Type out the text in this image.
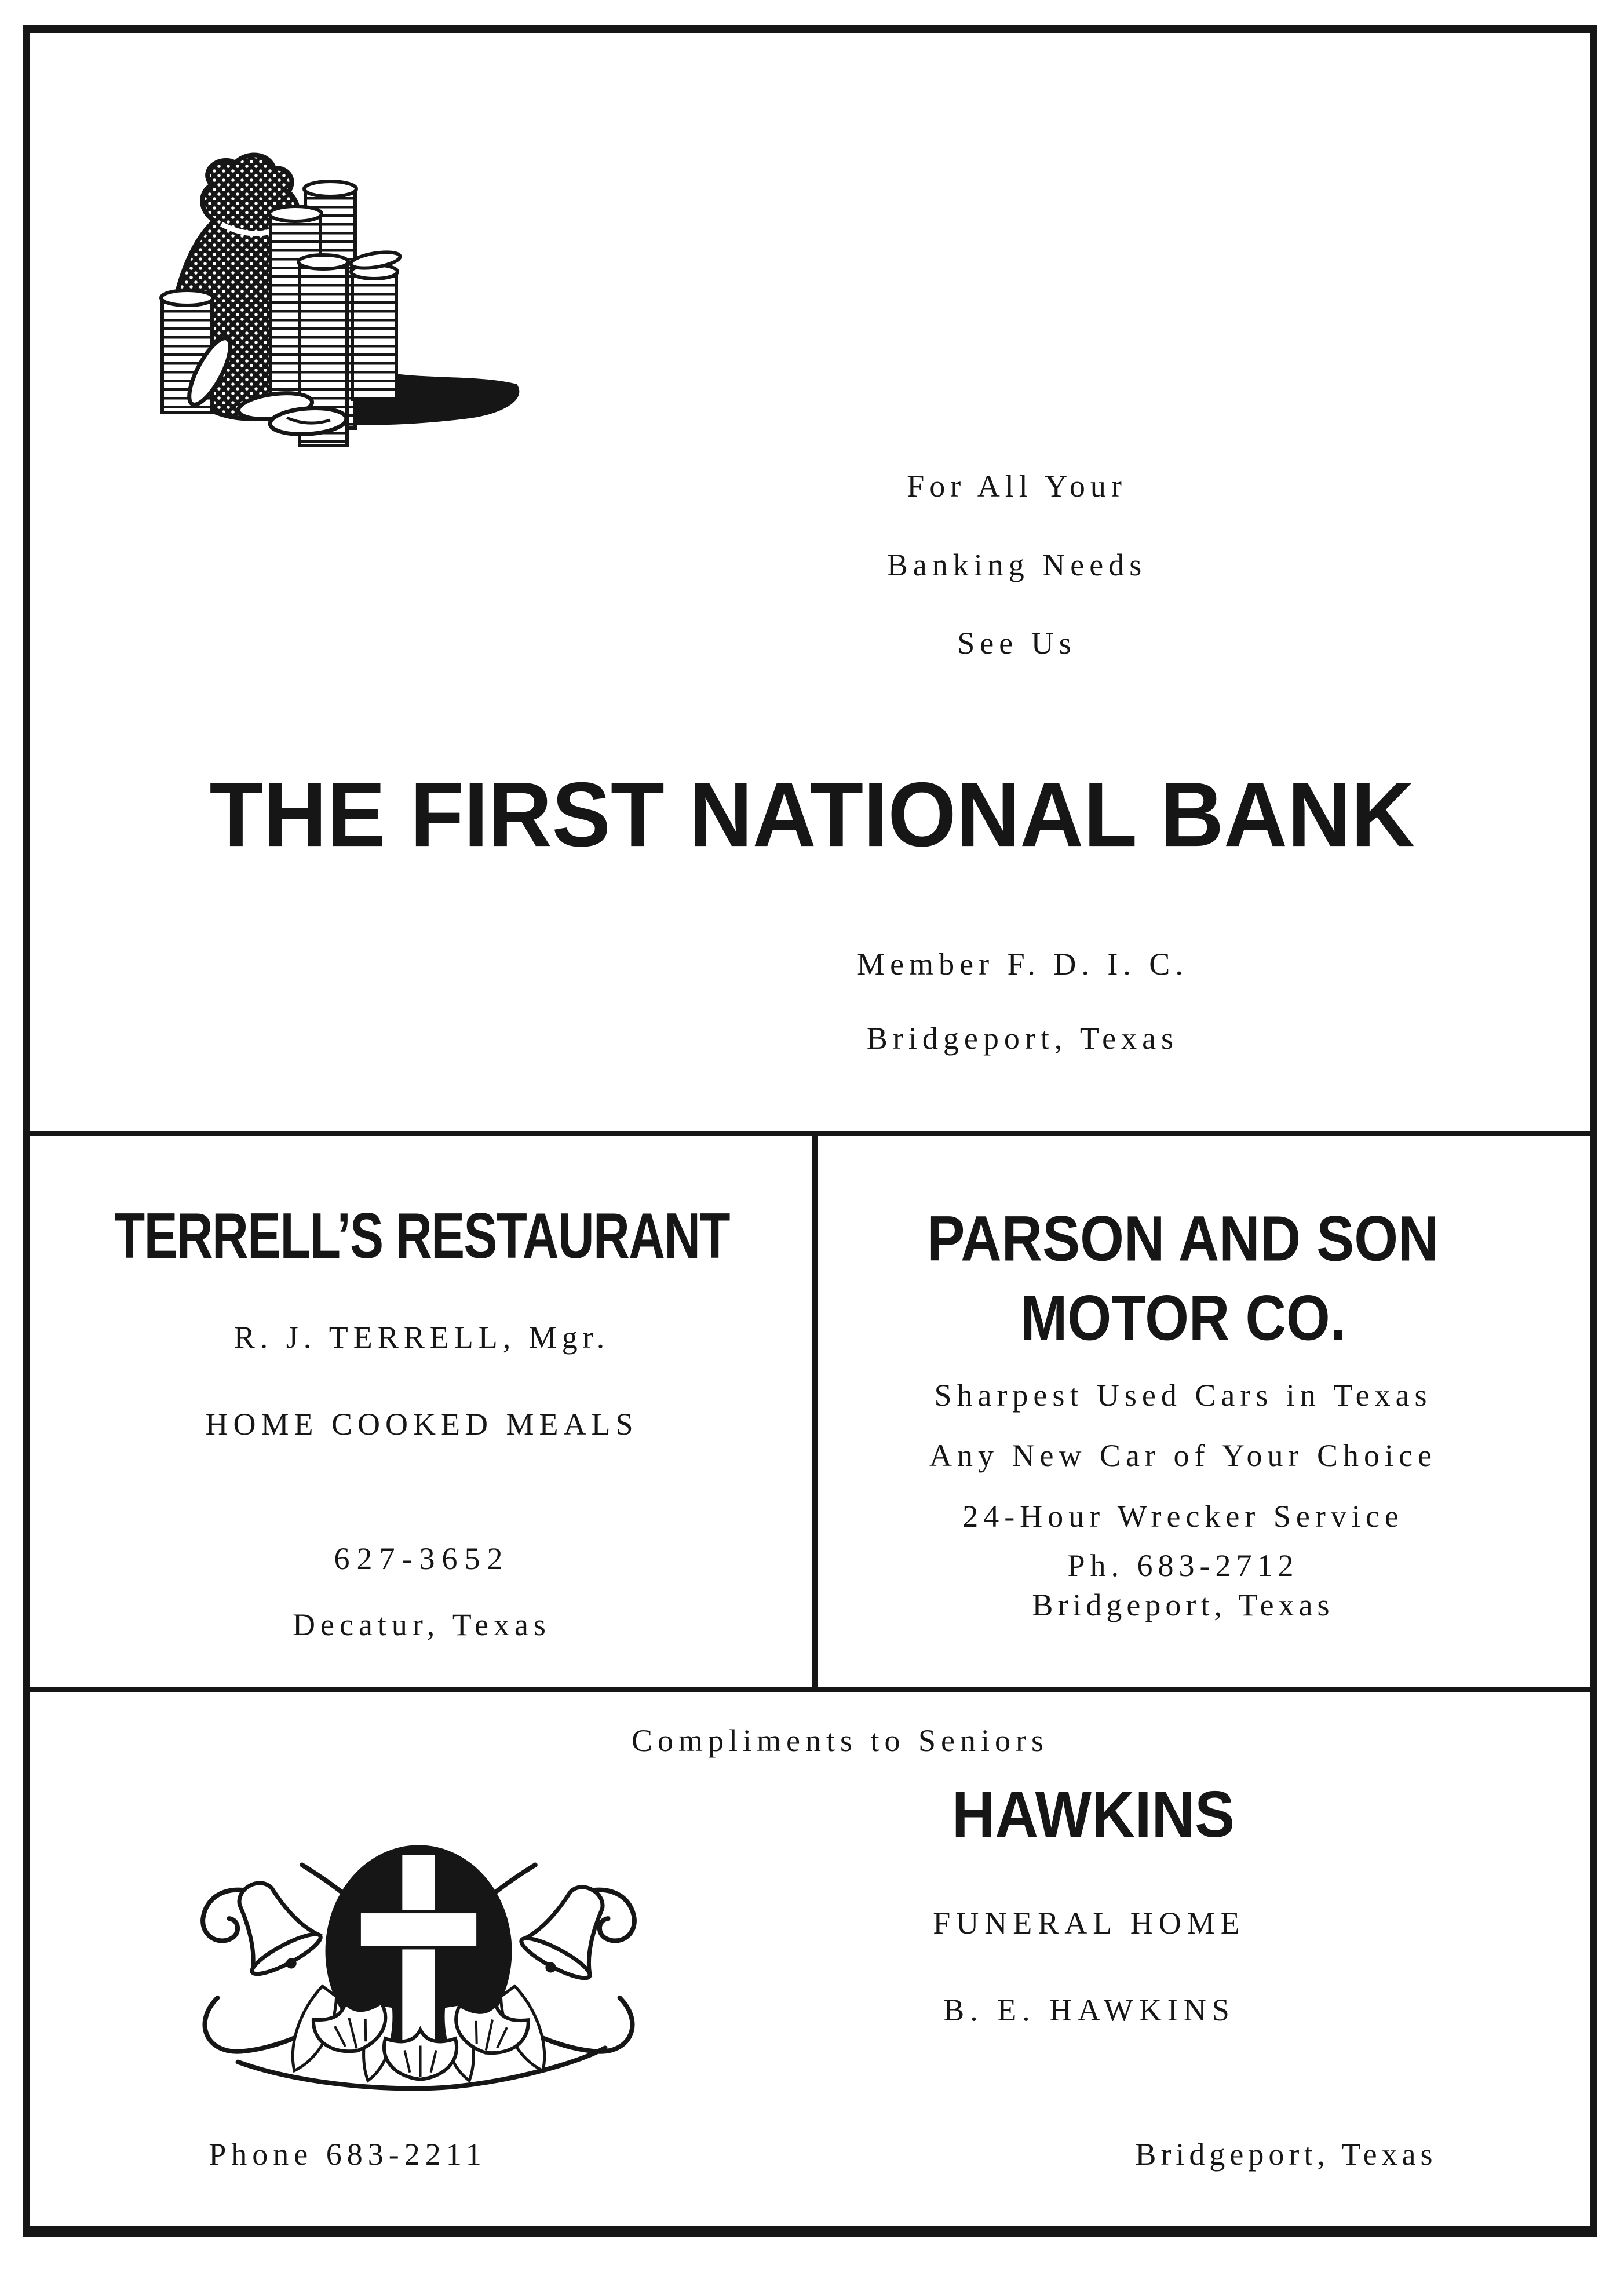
For All Your
Banking Needs
See Us
THE FIRST NATIONAL BANK
Member F. D. I. C.
Bridgeport, Texas
TERRELL’S RESTAURANT
R. J. TERRELL, Mgr.
HOME COOKED MEALS
627-3652
Decatur, Texas
PARSON AND SON
MOTOR CO.
Sharpest Used Cars in Texas
Any New Car of Your Choice
24-Hour Wrecker Service
Ph. 683-2712
Bridgeport, Texas
Compliments to Seniors
HAWKINS
FUNERAL HOME
B. E. HAWKINS
Phone 683-2211	Bridgeport, Texas
